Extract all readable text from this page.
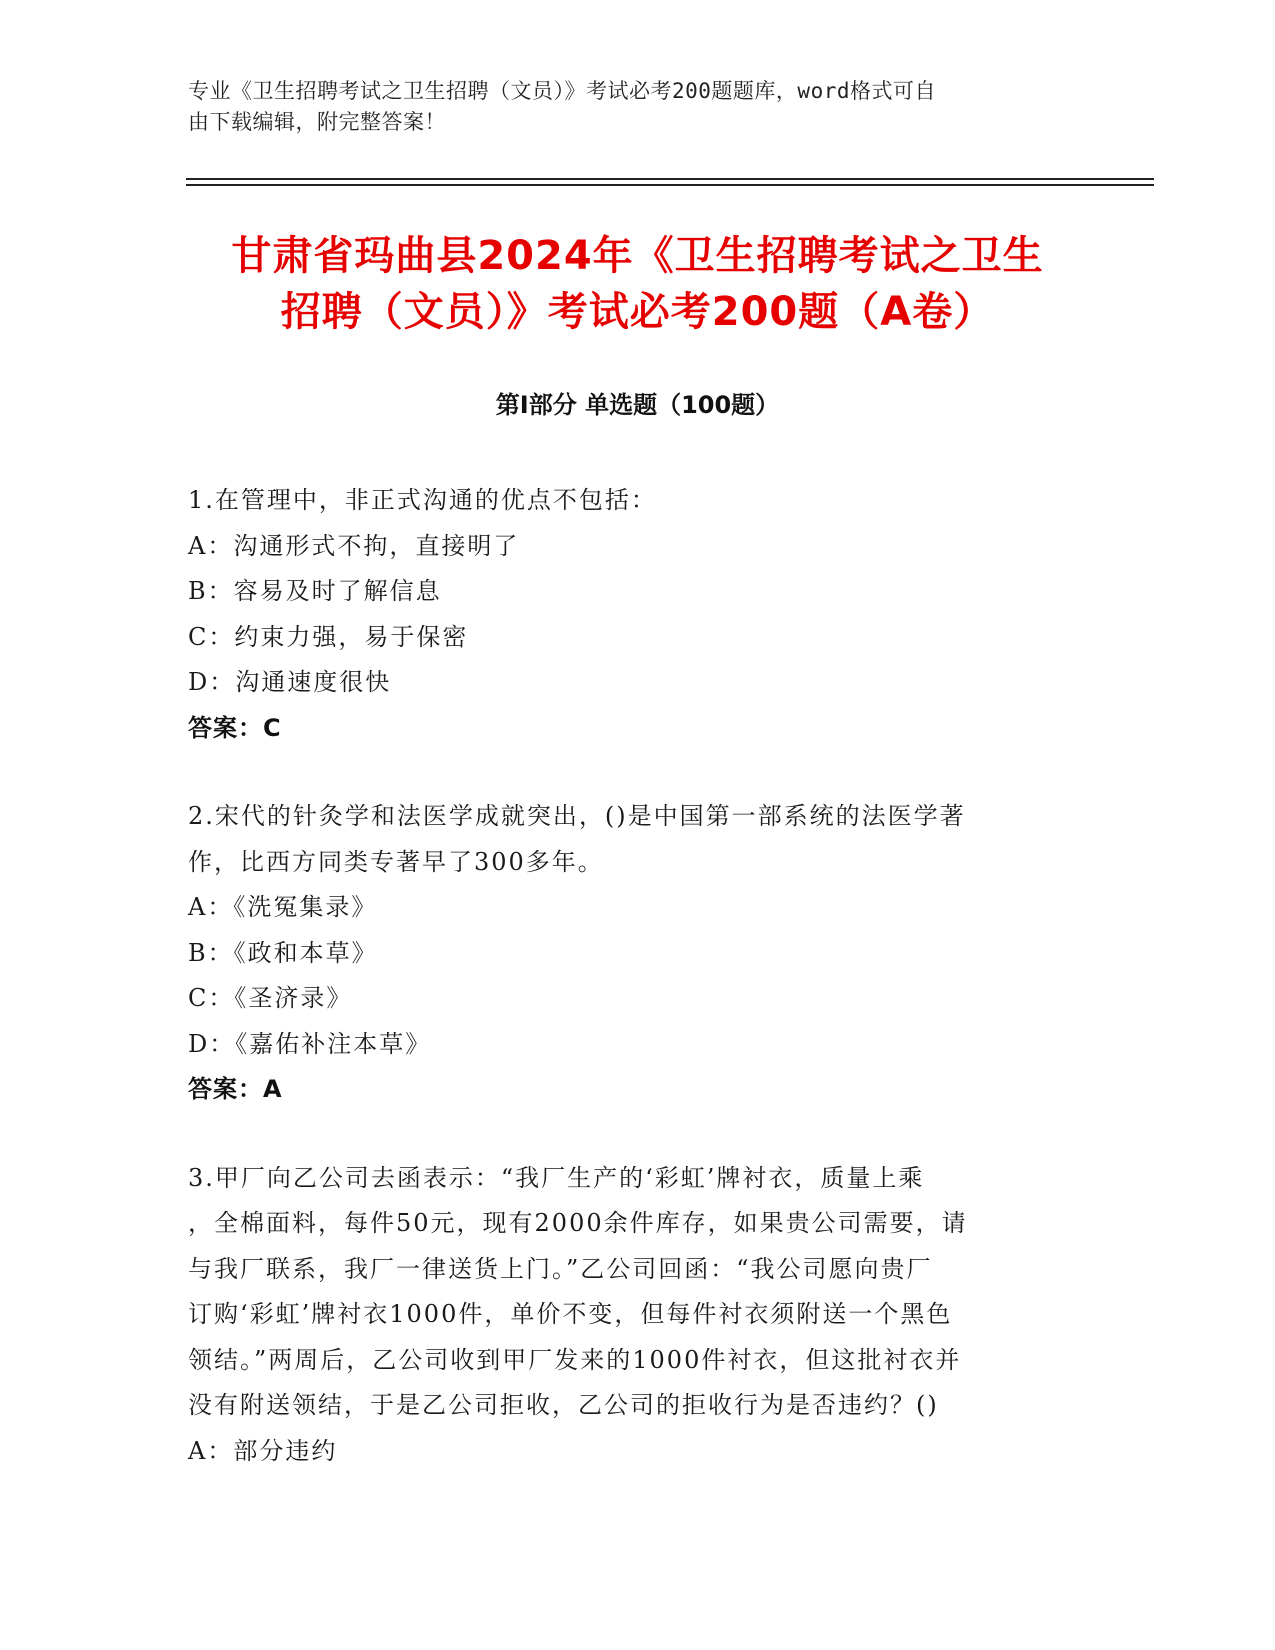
专业《卫生招聘考试之卫生招聘（文员）》考试必考200题题库，word格式可自
由下载编辑，附完整答案！
甘肃省玛曲县2024年《卫生招聘考试之卫生
招聘（文员）》考试必考200题（A卷）
第Ⅰ部分 单选题（100题）
1.在管理中，非正式沟通的优点不包括：
A：沟通形式不拘，直接明了
B：容易及时了解信息
C：约束力强，易于保密
D：沟通速度很快
答案：C
2.宋代的针灸学和法医学成就突出，()是中国第一部系统的法医学著
作，比西方同类专著早了300多年。
A：《洗冤集录》
B：《政和本草》
C：《圣济录》
D：《嘉佑补注本草》
答案：A
3.甲厂向乙公司去函表示：“我厂生产的‘彩虹’牌衬衣，质量上乘
，全棉面料，每件50元，现有2000余件库存，如果贵公司需要，请
与我厂联系，我厂一律送货上门。”乙公司回函：“我公司愿向贵厂
订购‘彩虹’牌衬衣1000件，单价不变，但每件衬衣须附送一个黑色
领结。”两周后，乙公司收到甲厂发来的1000件衬衣，但这批衬衣并
没有附送领结，于是乙公司拒收，乙公司的拒收行为是否违约？()
A：部分违约
